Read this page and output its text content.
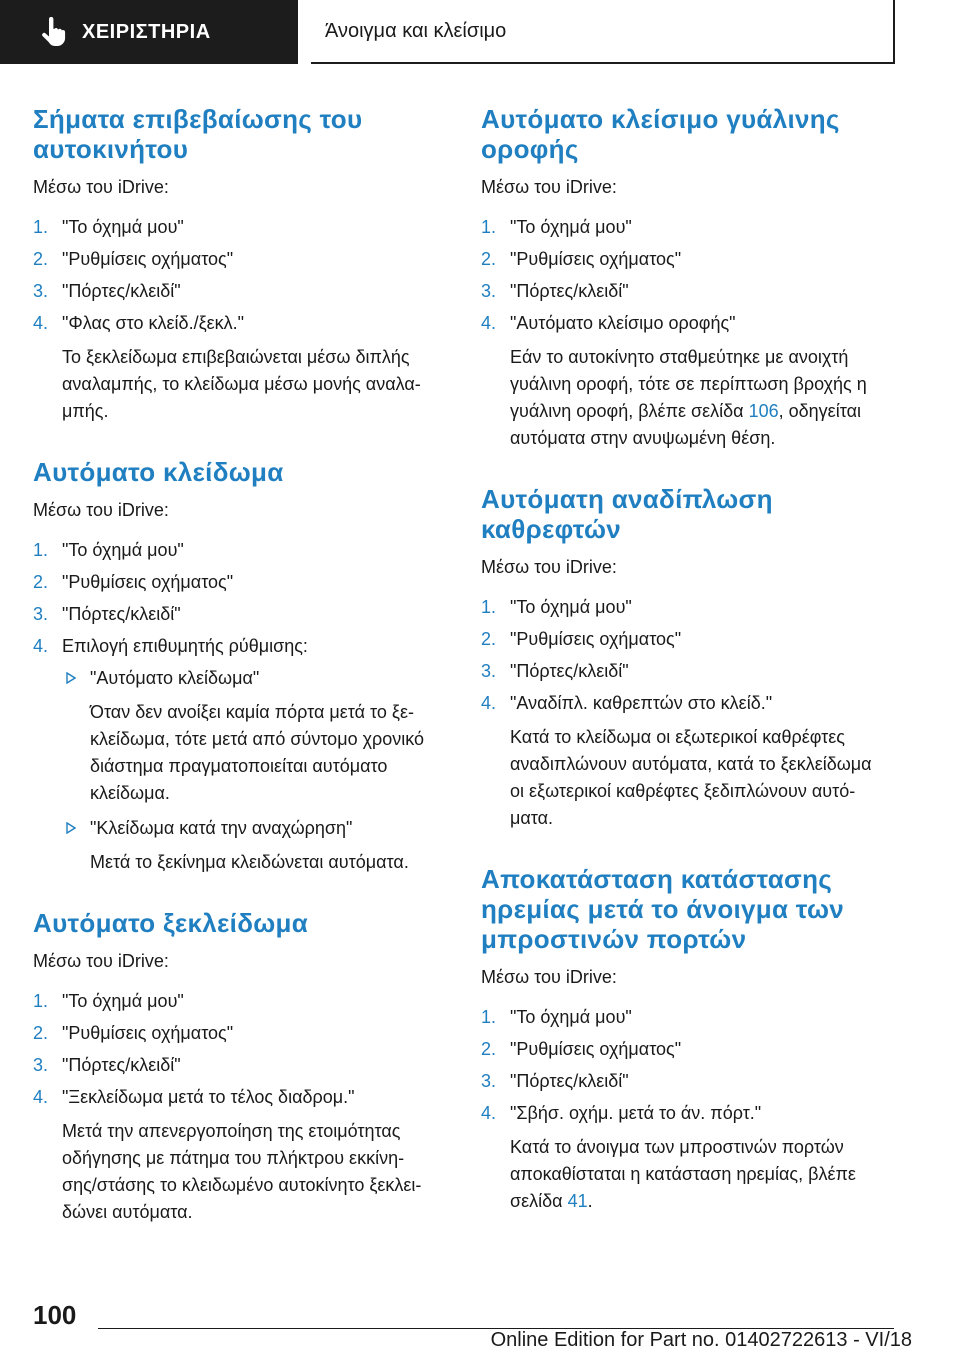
ΧΕΙΡΙΣΤΗΡΙΑ	Άνοιγμα και κλείσιμο
Σήματα επιβεβαίωσης του αυτοκινήτου

Μέσω του iDrive:

1. "Το όχημά μου"
2. "Ρυθμίσεις οχήματος"
3. "Πόρτες/κλειδί"
4. "Φλας στο κλείδ./ξεκλ."

Το ξεκλείδωμα επιβεβαιώνεται μέσω διπλής

αναλαμπής, το κλείδωμα μέσω μονής αναλα‐

μπής.

Αυτόματο κλείδωμα

Μέσω του iDrive:

1. "Το όχημά μου"
2. "Ρυθμίσεις οχήματος"
3. "Πόρτες/κλειδί"
4. Επιλογή επιθυμητής ρύθμισης:
"Αυτόματο κλείδωμα"

Όταν δεν ανοίξει καμία πόρτα μετά το ξε‐

κλείδωμα, τότε μετά από σύντομο χρονικό

διάστημα πραγματοποιείται αυτόματο

κλείδωμα.

"Κλείδωμα κατά την αναχώρηση"

Μετά το ξεκίνημα κλειδώνεται αυτόματα.

Αυτόματο ξεκλείδωμα

Μέσω του iDrive:

1. "Το όχημά μου"
2. "Ρυθμίσεις οχήματος"
3. "Πόρτες/κλειδί"
4. "Ξεκλείδωμα μετά το τέλος διαδρομ."

Μετά την απενεργοποίηση της ετοιμότητας

οδήγησης με πάτημα του πλήκτρου εκκίνη‐

σης/στάσης το κλειδωμένο αυτοκίνητο ξεκλει‐

δώνει αυτόματα.

Αυτόματο κλείσιμο γυάλινης οροφής

Μέσω του iDrive:

1. "Το όχημά μου"
2. "Ρυθμίσεις οχήματος"
3. "Πόρτες/κλειδί"
4. "Αυτόματο κλείσιμο οροφής"

Εάν το αυτοκίνητο σταθμεύτηκε με ανοιχτή

γυάλινη οροφή, τότε σε περίπτωση βροχής η

γυάλινη οροφή, βλέπε σελίδα 106, οδηγείται

αυτόματα στην ανυψωμένη θέση.

Αυτόματη αναδίπλωση καθρεφτών

Μέσω του iDrive:

1. "Το όχημά μου"
2. "Ρυθμίσεις οχήματος"
3. "Πόρτες/κλειδί"
4. "Αναδίπλ. καθρεπτών στο κλείδ."

Κατά το κλείδωμα οι εξωτερικοί καθρέφτες

αναδιπλώνουν αυτόματα, κατά το ξεκλείδωμα

οι εξωτερικοί καθρέφτες ξεδιπλώνουν αυτό‐

ματα.

Αποκατάσταση κατάστασης ηρεμίας μετά το άνοιγμα των μπροστινών πορτών

Μέσω του iDrive:

1. "Το όχημά μου"
2. "Ρυθμίσεις οχήματος"
3. "Πόρτες/κλειδί"
4. "Σβήσ. οχήμ. μετά το άν. πόρτ."

Κατά το άνοιγμα των μπροστινών πορτών

αποκαθίσταται η κατάσταση ηρεμίας, βλέπε

σελίδα 41.

100
Online Edition for Part no. 01402722613 - VI/18
